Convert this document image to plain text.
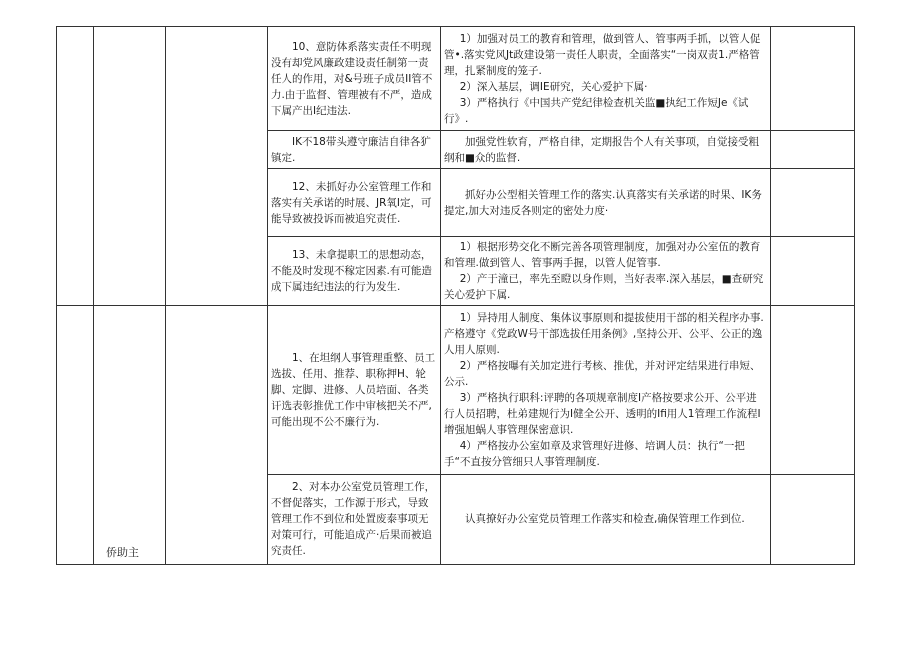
			10、意防体系落实责任不明现没有却党风廉政建设责任制第一责任人的作用，对&号班子成员II管不力.由于监督、管理被有不严，造成下属产出I纪违法.	1）加强对员工的教育和管理，做到管人、管事两手抓，以管人促管•.落实党风Jt政建设第一责任人职责，全面落实“一岗双责1.严格管理，扎紧制度的笼子.

2）深入基层，调IE研究，关心爱护下属·

3）严格执行《中国共产党纪律检查机关监■执纪工作短Je《试行》.	

			IK不18带头遵守廉洁自律各犷镇定.	加强党性软育，严格自律，定期报告个人有关事项，自觉接受粗纲和■众的监督.	

			12、未抓好办公室管理工作和落实有关承诺的时展、JR氧I定，可能导致被投诉而被追究责任.	抓好办公型相关管理工作的落实.认真落实有关承诺的时果、IK务提定,加大对违反各则定的密处力度·	

			13、未拿提职工的思想动态，不能及时发现不稼定因素.有可能造成下属违纪违法的行为发生.	1）根据形势交化不断完善各项管理制度，加强对办公室伍的教育和管理.做到管人、管事两手握，以管人促管事.

2）产于潼已，率先至瞪以身作则，当好表率.深入基层，■查研究关心爱护下属.	

	侨助主		1、在坦纲人事管理重整、员工选拔、任用、推荐、职称押H、轮脚、定脚、进修、人员培面、各类讦选表彰推优工作中审核把关不严,可能出现不公不廉行为.	1）异持用人制度、集体议事原则和提拔使用干部的相关程序办事.产格遵守《党政W号干部选拔任用条例》,坚持公开、公平、公正的逸人用人原则.

2）严格按曝有关加定进行考核、推优，并对评定结果进行串短、公示.

3）严格执行职科:评聘的各项规章制度I产格按要求公开、公平进行人员招聘，杜弟建规行为I健全公开、透明的Ifi用人1管理工作流程I增强旭蜗人事管理保密意识.

4）严格按办公室如章及求管理好进修、培调人员：执行“一把手“不直按分管细只人事管理制度.	

			2、对本办公室党员管理工作，不督促落实，工作源于形式，导致管理工作不到位和处置废泰事项无对策可行，可能追成产·后果而被追究责任.	认真撩好办公室党员管理工作落实和检查,确保管理工作到位.	
